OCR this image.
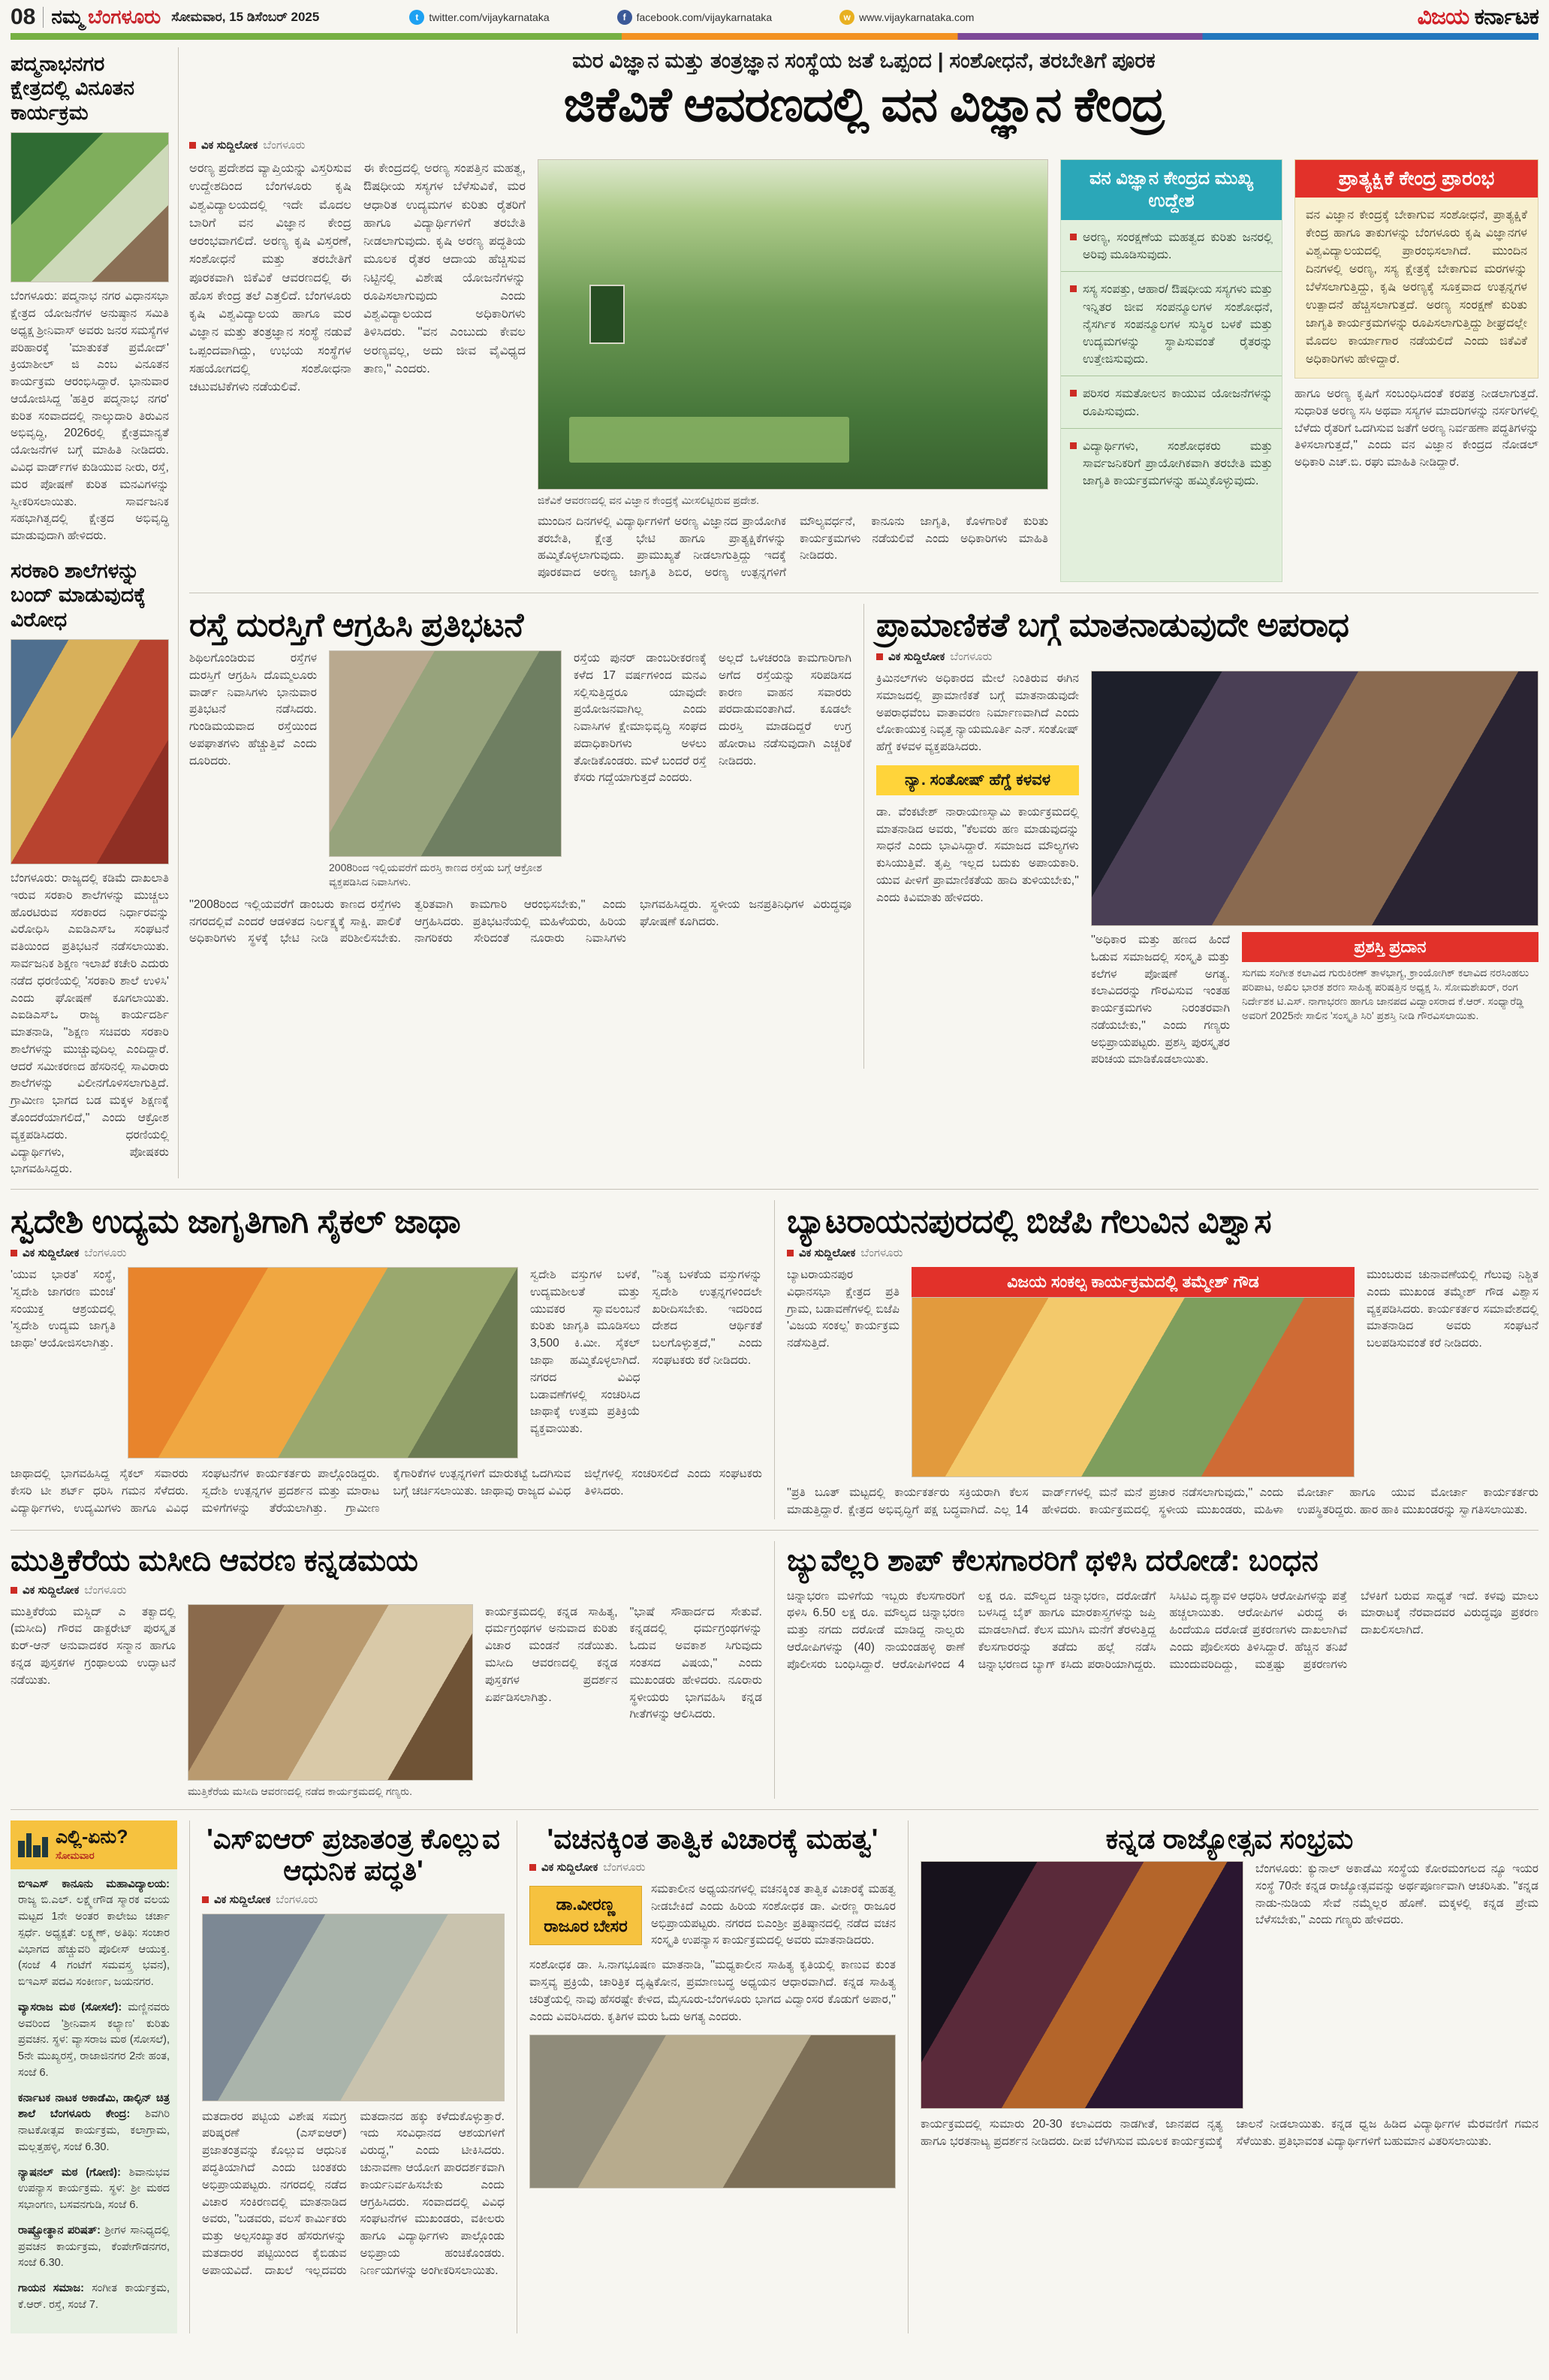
08 ನಮ್ಮ ಬೆಂಗಳೂರು ಸೋಮವಾರ, 15 ಡಿಸೆಂಬರ್ 2025	t	twitter.com/vijaykarnataka	f	facebook.com/vijaykarnataka	w www.vijaykarnataka.com	ವಿಜಯ ಕರ್ನಾಟಕ
ಪದ್ಮನಾಭನಗರ ಕ್ಷೇತ್ರದಲ್ಲಿ ವಿನೂತನ ಕಾರ್ಯಕ್ರಮ
ಬೆಂಗಳೂರು: ಪದ್ಮನಾಭ ನಗರ ವಿಧಾನಸಭಾ ಕ್ಷೇತ್ರದ ಯೋಜನೆಗಳ ಅನುಷ್ಠಾನ ಸಮಿತಿ ಅಧ್ಯಕ್ಷ ಶ್ರೀನಿವಾಸ್ ಅವರು ಜನರ ಸಮಸ್ಯೆಗಳ ಪರಿಹಾರಕ್ಕೆ 'ಮಾತುಕತೆ ಪ್ರಮೋದ್' ಕ್ರಿಯಾಶೀಲ್ ಜಿ ಎಂಬ ವಿನೂತನ ಕಾರ್ಯಕ್ರಮ ಆರಂಭಿಸಿದ್ದಾರೆ. ಭಾನುವಾರ ಆಯೋಜಿಸಿದ್ದ 'ಹತ್ತಿರ ಪದ್ಮನಾಭ ನಗರ' ಕುರಿತ ಸಂವಾದದಲ್ಲಿ ನಾಲ್ಕುದಾರಿ ತಿರುವಿನ ಅಭಿವೃದ್ಧಿ, 2026ರಲ್ಲಿ ಕ್ಷೇತ್ರಮಾನ್ಯತೆ ಯೋಜನೆಗಳ ಬಗ್ಗೆ ಮಾಹಿತಿ ನೀಡಿದರು. ವಿವಿಧ ವಾರ್ಡ್‌ಗಳ ಕುಡಿಯುವ ನೀರು, ರಸ್ತೆ, ಮರ ಪೋಷಣೆ ಕುರಿತ ಮನವಿಗಳನ್ನು ಸ್ವೀಕರಿಸಲಾಯಿತು. ಸಾರ್ವಜನಿಕ ಸಹಭಾಗಿತ್ವದಲ್ಲಿ ಕ್ಷೇತ್ರದ ಅಭಿವೃದ್ಧಿ ಮಾಡುವುದಾಗಿ ಹೇಳಿದರು.
ಸರಕಾರಿ ಶಾಲೆಗಳನ್ನು ಬಂದ್ ಮಾಡುವುದಕ್ಕೆ ವಿರೋಧ
ಬೆಂಗಳೂರು: ರಾಜ್ಯದಲ್ಲಿ ಕಡಿಮೆ ದಾಖಲಾತಿ ಇರುವ ಸರಕಾರಿ ಶಾಲೆಗಳನ್ನು ಮುಚ್ಚಲು ಹೊರಟಿರುವ ಸರಕಾರದ ನಿರ್ಧಾರವನ್ನು ವಿರೋಧಿಸಿ ಎಐಡಿಎಸ್‌ಒ ಸಂಘಟನೆ ವತಿಯಿಂದ ಪ್ರತಿಭಟನೆ ನಡೆಸಲಾಯಿತು. ಸಾರ್ವಜನಿಕ ಶಿಕ್ಷಣ ಇಲಾಖೆ ಕಚೇರಿ ಎದುರು ನಡೆದ ಧರಣಿಯಲ್ಲಿ 'ಸರಕಾರಿ ಶಾಲೆ ಉಳಿಸಿ' ಎಂದು ಘೋಷಣೆ ಕೂಗಲಾಯಿತು. ಎಐಡಿಎಸ್‌ಒ ರಾಜ್ಯ ಕಾರ್ಯದರ್ಶಿ ಮಾತನಾಡಿ, ''ಶಿಕ್ಷಣ ಸಚಿವರು ಸರಕಾರಿ ಶಾಲೆಗಳನ್ನು ಮುಚ್ಚುವುದಿಲ್ಲ ಎಂದಿದ್ದಾರೆ. ಆದರೆ ಸಮೀಕರಣದ ಹೆಸರಿನಲ್ಲಿ ಸಾವಿರಾರು ಶಾಲೆಗಳನ್ನು ವಿಲೀನಗೊಳಿಸಲಾಗುತ್ತಿದೆ. ಗ್ರಾಮೀಣ ಭಾಗದ ಬಡ ಮಕ್ಕಳ ಶಿಕ್ಷಣಕ್ಕೆ ತೊಂದರೆಯಾಗಲಿದೆ,'' ಎಂದು ಆಕ್ರೋಶ ವ್ಯಕ್ತಪಡಿಸಿದರು. ಧರಣಿಯಲ್ಲಿ ವಿದ್ಯಾರ್ಥಿಗಳು, ಪೋಷಕರು ಭಾಗವಹಿಸಿದ್ದರು.
ಮರ ವಿಜ್ಞಾನ ಮತ್ತು ತಂತ್ರಜ್ಞಾನ ಸಂಸ್ಥೆಯ ಜತೆ ಒಪ್ಪಂದ | ಸಂಶೋಧನೆ, ತರಬೇತಿಗೆ ಪೂರಕ
ಜಿಕೆವಿಕೆ ಆವರಣದಲ್ಲಿ ವನ ವಿಜ್ಞಾನ ಕೇಂದ್ರ
ವಿಕ ಸುದ್ದಿಲೋಕ ಬೆಂಗಳೂರು
ಅರಣ್ಯ ಪ್ರದೇಶದ ವ್ಯಾಪ್ತಿಯನ್ನು ವಿಸ್ತರಿಸುವ ಉದ್ದೇಶದಿಂದ ಬೆಂಗಳೂರು ಕೃಷಿ ವಿಶ್ವವಿದ್ಯಾಲಯದಲ್ಲಿ ಇದೇ ಮೊದಲ ಬಾರಿಗೆ ವನ ವಿಜ್ಞಾನ ಕೇಂದ್ರ ಆರಂಭವಾಗಲಿದೆ. ಅರಣ್ಯ ಕೃಷಿ ವಿಸ್ತರಣೆ, ಸಂಶೋಧನೆ ಮತ್ತು ತರಬೇತಿಗೆ ಪೂರಕವಾಗಿ ಜಿಕೆವಿಕೆ ಆವರಣದಲ್ಲಿ ಈ ಹೊಸ ಕೇಂದ್ರ ತಲೆ ಎತ್ತಲಿದೆ. ಬೆಂಗಳೂರು ಕೃಷಿ ವಿಶ್ವವಿದ್ಯಾಲಯ ಹಾಗೂ ಮರ ವಿಜ್ಞಾನ ಮತ್ತು ತಂತ್ರಜ್ಞಾನ ಸಂಸ್ಥೆ ನಡುವೆ ಒಪ್ಪಂದವಾಗಿದ್ದು, ಉಭಯ ಸಂಸ್ಥೆಗಳ ಸಹಯೋಗದಲ್ಲಿ ಸಂಶೋಧನಾ ಚಟುವಟಿಕೆಗಳು ನಡೆಯಲಿವೆ.
ಈ ಕೇಂದ್ರದಲ್ಲಿ ಅರಣ್ಯ ಸಂಪತ್ತಿನ ಮಹತ್ವ, ಔಷಧೀಯ ಸಸ್ಯಗಳ ಬೆಳೆಸುವಿಕೆ, ಮರ ಆಧಾರಿತ ಉದ್ಯಮಗಳ ಕುರಿತು ರೈತರಿಗೆ ಹಾಗೂ ವಿದ್ಯಾರ್ಥಿಗಳಿಗೆ ತರಬೇತಿ ನೀಡಲಾಗುವುದು. ಕೃಷಿ ಅರಣ್ಯ ಪದ್ಧತಿಯ ಮೂಲಕ ರೈತರ ಆದಾಯ ಹೆಚ್ಚಿಸುವ ನಿಟ್ಟಿನಲ್ಲಿ ವಿಶೇಷ ಯೋಜನೆಗಳನ್ನು ರೂಪಿಸಲಾಗುವುದು ಎಂದು ವಿಶ್ವವಿದ್ಯಾಲಯದ ಅಧಿಕಾರಿಗಳು ತಿಳಿಸಿದರು. ''ವನ ಎಂಬುದು ಕೇವಲ ಅರಣ್ಯವಲ್ಲ, ಅದು ಜೀವ ವೈವಿಧ್ಯದ ತಾಣ,'' ಎಂದರು.
ಜಿಕೆವಿಕೆ ಆವರಣದಲ್ಲಿ ವನ ವಿಜ್ಞಾನ ಕೇಂದ್ರಕ್ಕೆ ಮೀಸಲಿಟ್ಟಿರುವ ಪ್ರದೇಶ.
ಮುಂದಿನ ದಿನಗಳಲ್ಲಿ ವಿದ್ಯಾರ್ಥಿಗಳಿಗೆ ಅರಣ್ಯ ವಿಜ್ಞಾನದ ಪ್ರಾಯೋಗಿಕ ತರಬೇತಿ, ಕ್ಷೇತ್ರ ಭೇಟಿ ಹಾಗೂ ಪ್ರಾತ್ಯಕ್ಷಿಕೆಗಳನ್ನು ಹಮ್ಮಿಕೊಳ್ಳಲಾಗುವುದು. ಪ್ರಾಮುಖ್ಯತೆ ನೀಡಲಾಗುತ್ತಿದ್ದು ಇದಕ್ಕೆ ಪೂರಕವಾದ ಅರಣ್ಯ ಜಾಗೃತಿ ಶಿಬಿರ, ಅರಣ್ಯ ಉತ್ಪನ್ನಗಳಿಗೆ ಮೌಲ್ಯವರ್ಧನೆ, ಕಾನೂನು ಜಾಗೃತಿ, ಕೊಳಗಾರಿಕೆ ಕುರಿತು ಕಾರ್ಯಕ್ರಮಗಳು ನಡೆಯಲಿವೆ ಎಂದು ಅಧಿಕಾರಿಗಳು ಮಾಹಿತಿ ನೀಡಿದರು.
ವನ ವಿಜ್ಞಾನ ಕೇಂದ್ರದ ಮುಖ್ಯ ಉದ್ದೇಶ
ಅರಣ್ಯ, ಸಂರಕ್ಷಣೆಯ ಮಹತ್ವದ ಕುರಿತು ಜನರಲ್ಲಿ ಅರಿವು ಮೂಡಿಸುವುದು.
ಸಸ್ಯ ಸಂಪತ್ತು, ಆಹಾರ/ ಔಷಧೀಯ ಸಸ್ಯಗಳು ಮತ್ತು ಇನ್ನಿತರ ಜೀವ ಸಂಪನ್ಮೂಲಗಳ ಸಂಶೋಧನೆ, ನೈಸರ್ಗಿಕ ಸಂಪನ್ಮೂಲಗಳ ಸುಸ್ಥಿರ ಬಳಕೆ ಮತ್ತು ಉದ್ಯಮಗಳನ್ನು ಸ್ಥಾಪಿಸುವಂತೆ ರೈತರನ್ನು ಉತ್ತೇಜಿಸುವುದು.
ಪರಿಸರ ಸಮತೋಲನ ಕಾಯುವ ಯೋಜನೆಗಳನ್ನು ರೂಪಿಸುವುದು.
ವಿದ್ಯಾರ್ಥಿಗಳು, ಸಂಶೋಧಕರು ಮತ್ತು ಸಾರ್ವಜನಿಕರಿಗೆ ಪ್ರಾಯೋಗಿಕವಾಗಿ ತರಬೇತಿ ಮತ್ತು ಜಾಗೃತಿ ಕಾರ್ಯಕ್ರಮಗಳನ್ನು ಹಮ್ಮಿಕೊಳ್ಳುವುದು.
ಪ್ರಾತ್ಯಕ್ಷಿಕೆ ಕೇಂದ್ರ ಪ್ರಾರಂಭ
ವನ ವಿಜ್ಞಾನ ಕೇಂದ್ರಕ್ಕೆ ಬೇಕಾಗುವ ಸಂಶೋಧನೆ, ಪ್ರಾತ್ಯಕ್ಷಿಕೆ ಕೇಂದ್ರ ಹಾಗೂ ತಾಕುಗಳನ್ನು ಬೆಂಗಳೂರು ಕೃಷಿ ವಿಜ್ಞಾನಗಳ ವಿಶ್ವವಿದ್ಯಾಲಯದಲ್ಲಿ ಪ್ರಾರಂಭಿಸಲಾಗಿದೆ. ಮುಂದಿನ ದಿನಗಳಲ್ಲಿ ಅರಣ್ಯ, ಸಸ್ಯ ಕ್ಷೇತ್ರಕ್ಕೆ ಬೇಕಾಗುವ ಮರಗಳನ್ನು ಬೆಳೆಸಲಾಗುತ್ತಿದ್ದು, ಕೃಷಿ ಅರಣ್ಯಕ್ಕೆ ಸೂಕ್ತವಾದ ಉತ್ಪನ್ನಗಳ ಉತ್ಪಾದನೆ ಹೆಚ್ಚಿಸಲಾಗುತ್ತದೆ. ಅರಣ್ಯ ಸಂರಕ್ಷಣೆ ಕುರಿತು ಜಾಗೃತಿ ಕಾರ್ಯಕ್ರಮಗಳನ್ನು ರೂಪಿಸಲಾಗುತ್ತಿದ್ದು ಶೀಘ್ರದಲ್ಲೇ ಮೊದಲ ಕಾರ್ಯಾಗಾರ ನಡೆಯಲಿದೆ ಎಂದು ಜಿಕೆವಿಕೆ ಅಧಿಕಾರಿಗಳು ಹೇಳಿದ್ದಾರೆ.
ಹಾಗೂ ಅರಣ್ಯ ಕೃಷಿಗೆ ಸಂಬಂಧಿಸಿದಂತೆ ಕರಪತ್ರ ನೀಡಲಾಗುತ್ತದೆ. ಸುಧಾರಿತ ಅರಣ್ಯ ಸಸಿ ಅಥವಾ ಸಸ್ಯಗಳ ಮಾದರಿಗಳನ್ನು ನರ್ಸರಿಗಳಲ್ಲಿ ಬೆಳೆದು ರೈತರಿಗೆ ಒದಗಿಸುವ ಜತೆಗೆ ಅರಣ್ಯ ನಿರ್ವಹಣಾ ಪದ್ಧತಿಗಳನ್ನು ತಿಳಿಸಲಾಗುತ್ತದೆ,'' ಎಂದು ವನ ವಿಜ್ಞಾನ ಕೇಂದ್ರದ ನೋಡಲ್ ಅಧಿಕಾರಿ ಎಚ್.ಬಿ. ರಘು ಮಾಹಿತಿ ನೀಡಿದ್ದಾರೆ.
ರಸ್ತೆ ದುರಸ್ತಿಗೆ ಆಗ್ರಹಿಸಿ ಪ್ರತಿಭಟನೆ
ಶಿಥಿಲಗೊಂಡಿರುವ ರಸ್ತೆಗಳ ದುರಸ್ತಿಗೆ ಆಗ್ರಹಿಸಿ ದೊಮ್ಮಲೂರು ವಾರ್ಡ್ ನಿವಾಸಿಗಳು ಭಾನುವಾರ ಪ್ರತಿಭಟನೆ ನಡೆಸಿದರು. ಗುಂಡಿಮಯವಾದ ರಸ್ತೆಯಿಂದ ಅಪಘಾತಗಳು ಹೆಚ್ಚುತ್ತಿವೆ ಎಂದು ದೂರಿದರು.
2008ರಿಂದ ಇಲ್ಲಿಯವರೆಗೆ ದುರಸ್ತಿ ಕಾಣದ ರಸ್ತೆಯ ಬಗ್ಗೆ ಆಕ್ರೋಶ ವ್ಯಕ್ತಪಡಿಸಿದ ನಿವಾಸಿಗಳು.
ರಸ್ತೆಯ ಪುನರ್ ಡಾಂಬರೀಕರಣಕ್ಕೆ ಕಳೆದ 17 ವರ್ಷಗಳಿಂದ ಮನವಿ ಸಲ್ಲಿಸುತ್ತಿದ್ದರೂ ಯಾವುದೇ ಪ್ರಯೋಜನವಾಗಿಲ್ಲ ಎಂದು ನಿವಾಸಿಗಳ ಕ್ಷೇಮಾಭಿವೃದ್ಧಿ ಸಂಘದ ಪದಾಧಿಕಾರಿಗಳು ಅಳಲು ತೋಡಿಕೊಂಡರು. ಮಳೆ ಬಂದರೆ ರಸ್ತೆ ಕೆಸರು ಗದ್ದೆಯಾಗುತ್ತದೆ ಎಂದರು.
ಅಲ್ಲದೆ ಒಳಚರಂಡಿ ಕಾಮಗಾರಿಗಾಗಿ ಅಗೆದ ರಸ್ತೆಯನ್ನು ಸರಿಪಡಿಸದ ಕಾರಣ ವಾಹನ ಸವಾರರು ಪರದಾಡುವಂತಾಗಿದೆ. ಕೂಡಲೇ ದುರಸ್ತಿ ಮಾಡದಿದ್ದರೆ ಉಗ್ರ ಹೋರಾಟ ನಡೆಸುವುದಾಗಿ ಎಚ್ಚರಿಕೆ ನೀಡಿದರು.
''2008ರಿಂದ ಇಲ್ಲಿಯವರೆಗೆ ಡಾಂಬರು ಕಾಣದ ರಸ್ತೆಗಳು ನಗರದಲ್ಲಿವೆ ಎಂದರೆ ಆಡಳಿತದ ನಿರ್ಲಕ್ಷ್ಯಕ್ಕೆ ಸಾಕ್ಷಿ. ಪಾಲಿಕೆ ಅಧಿಕಾರಿಗಳು ಸ್ಥಳಕ್ಕೆ ಭೇಟಿ ನೀಡಿ ಪರಿಶೀಲಿಸಬೇಕು. ತ್ವರಿತವಾಗಿ ಕಾಮಗಾರಿ ಆರಂಭಿಸಬೇಕು,'' ಎಂದು ಆಗ್ರಹಿಸಿದರು. ಪ್ರತಿಭಟನೆಯಲ್ಲಿ ಮಹಿಳೆಯರು, ಹಿರಿಯ ನಾಗರಿಕರು ಸೇರಿದಂತೆ ನೂರಾರು ನಿವಾಸಿಗಳು ಭಾಗವಹಿಸಿದ್ದರು. ಸ್ಥಳೀಯ ಜನಪ್ರತಿನಿಧಿಗಳ ವಿರುದ್ಧವೂ ಘೋಷಣೆ ಕೂಗಿದರು.
ಪ್ರಾಮಾಣಿಕತೆ ಬಗ್ಗೆ ಮಾತನಾಡುವುದೇ ಅಪರಾಧ
ವಿಕ ಸುದ್ದಿಲೋಕ ಬೆಂಗಳೂರು
ಕ್ರಿಮಿನಲ್‌ಗಳು ಅಧಿಕಾರದ ಮೇಲೆ ನಿಂತಿರುವ ಈಗಿನ ಸಮಾಜದಲ್ಲಿ ಪ್ರಾಮಾಣಿಕತೆ ಬಗ್ಗೆ ಮಾತನಾಡುವುದೇ ಅಪರಾಧವೆಂಬ ವಾತಾವರಣ ನಿರ್ಮಾಣವಾಗಿದೆ ಎಂದು ಲೋಕಾಯುಕ್ತ ನಿವೃತ್ತ ನ್ಯಾಯಮೂರ್ತಿ ಎನ್. ಸಂತೋಷ್ ಹೆಗ್ಡೆ ಕಳವಳ ವ್ಯಕ್ತಪಡಿಸಿದರು.
ನ್ಯಾ. ಸಂತೋಷ್ ಹೆಗ್ಡೆ ಕಳವಳ
ಡಾ. ವೆಂಕಟೇಶ್ ನಾರಾಯಣಸ್ವಾಮಿ ಕಾರ್ಯಕ್ರಮದಲ್ಲಿ ಮಾತನಾಡಿದ ಅವರು, ''ಕೆಲವರು ಹಣ ಮಾಡುವುದನ್ನು ಸಾಧನೆ ಎಂದು ಭಾವಿಸಿದ್ದಾರೆ. ಸಮಾಜದ ಮೌಲ್ಯಗಳು ಕುಸಿಯುತ್ತಿವೆ. ತೃಪ್ತಿ ಇಲ್ಲದ ಬದುಕು ಅಪಾಯಕಾರಿ. ಯುವ ಪೀಳಿಗೆ ಪ್ರಾಮಾಣಿಕತೆಯ ಹಾದಿ ತುಳಿಯಬೇಕು,'' ಎಂದು ಕಿವಿಮಾತು ಹೇಳಿದರು.
''ಅಧಿಕಾರ ಮತ್ತು ಹಣದ ಹಿಂದೆ ಓಡುವ ಸಮಾಜದಲ್ಲಿ ಸಂಸ್ಕೃತಿ ಮತ್ತು ಕಲೆಗಳ ಪೋಷಣೆ ಅಗತ್ಯ. ಕಲಾವಿದರನ್ನು ಗೌರವಿಸುವ ಇಂತಹ ಕಾರ್ಯಕ್ರಮಗಳು ನಿರಂತರವಾಗಿ ನಡೆಯಬೇಕು,'' ಎಂದು ಗಣ್ಯರು ಅಭಿಪ್ರಾಯಪಟ್ಟರು. ಪ್ರಶಸ್ತಿ ಪುರಸ್ಕೃತರ ಪರಿಚಯ ಮಾಡಿಕೊಡಲಾಯಿತು.
ಪ್ರಶಸ್ತಿ ಪ್ರದಾನ
ಸುಗಮ ಸಂಗೀತ ಕಲಾವಿದ ಗುರುಕಿರಣ್ ತಾಳಭಾಗ್ಯ, ಕ್ರಾಂಯೋಗಿಕ್ ಕಲಾವಿದ ನರಸಿಂಹಲು ಪರಿಪಾಟ, ಅಖಿಲ ಭಾರತ ಶರಣ ಸಾಹಿತ್ಯ ಪರಿಷತ್ತಿನ ಅಧ್ಯಕ್ಷ ಸಿ. ಸೋಮಶೇಖರ್, ರಂಗ ನಿರ್ದೇಶಕ ಟಿ.ಎಸ್. ನಾಗಾಭರಣ ಹಾಗೂ ಜಾನಪದ ವಿದ್ವಾಂಸರಾದ ಕೆ.ಆರ್. ಸಂಧ್ಯಾರೆಡ್ಡಿ ಅವರಿಗೆ 2025ನೇ ಸಾಲಿನ 'ಸಂಸ್ಕೃತಿ ಸಿರಿ' ಪ್ರಶಸ್ತಿ ನೀಡಿ ಗೌರವಿಸಲಾಯಿತು.
ಸ್ವದೇಶಿ ಉದ್ಯಮ ಜಾಗೃತಿಗಾಗಿ ಸೈಕಲ್ ಜಾಥಾ
ವಿಕ ಸುದ್ದಿಲೋಕ ಬೆಂಗಳೂರು
'ಯುವ ಭಾರತ' ಸಂಸ್ಥೆ, 'ಸ್ವದೇಶಿ ಜಾಗರಣ ಮಂಚ' ಸಂಯುಕ್ತ ಆಶ್ರಯದಲ್ಲಿ 'ಸ್ವದೇಶಿ ಉದ್ಯಮ ಜಾಗೃತಿ ಜಾಥಾ' ಆಯೋಜಿಸಲಾಗಿತ್ತು.
ಸ್ವದೇಶಿ ವಸ್ತುಗಳ ಬಳಕೆ, ಉದ್ಯಮಶೀಲತೆ ಮತ್ತು ಯುವಕರ ಸ್ವಾವಲಂಬನೆ ಕುರಿತು ಜಾಗೃತಿ ಮೂಡಿಸಲು 3,500 ಕಿ.ಮೀ. ಸೈಕಲ್ ಜಾಥಾ ಹಮ್ಮಿಕೊಳ್ಳಲಾಗಿದೆ. ನಗರದ ವಿವಿಧ ಬಡಾವಣೆಗಳಲ್ಲಿ ಸಂಚರಿಸಿದ ಜಾಥಾಕ್ಕೆ ಉತ್ತಮ ಪ್ರತಿಕ್ರಿಯೆ ವ್ಯಕ್ತವಾಯಿತು.
''ನಿತ್ಯ ಬಳಕೆಯ ವಸ್ತುಗಳನ್ನು ಸ್ವದೇಶಿ ಉತ್ಪನ್ನಗಳಿಂದಲೇ ಖರೀದಿಸಬೇಕು. ಇದರಿಂದ ದೇಶದ ಆರ್ಥಿಕತೆ ಬಲಗೊಳ್ಳುತ್ತದೆ,'' ಎಂದು ಸಂಘಟಕರು ಕರೆ ನೀಡಿದರು.
ಜಾಥಾದಲ್ಲಿ ಭಾಗವಹಿಸಿದ್ದ ಸೈಕಲ್ ಸವಾರರು ಕೇಸರಿ ಟೀ ಶರ್ಟ್ ಧರಿಸಿ ಗಮನ ಸೆಳೆದರು. ವಿದ್ಯಾರ್ಥಿಗಳು, ಉದ್ಯಮಿಗಳು ಹಾಗೂ ವಿವಿಧ ಸಂಘಟನೆಗಳ ಕಾರ್ಯಕರ್ತರು ಪಾಲ್ಗೊಂಡಿದ್ದರು. ಸ್ವದೇಶಿ ಉತ್ಪನ್ನಗಳ ಪ್ರದರ್ಶನ ಮತ್ತು ಮಾರಾಟ ಮಳಿಗೆಗಳನ್ನು ತೆರೆಯಲಾಗಿತ್ತು. ಗ್ರಾಮೀಣ ಕೈಗಾರಿಕೆಗಳ ಉತ್ಪನ್ನಗಳಿಗೆ ಮಾರುಕಟ್ಟೆ ಒದಗಿಸುವ ಬಗ್ಗೆ ಚರ್ಚಿಸಲಾಯಿತು. ಜಾಥಾವು ರಾಜ್ಯದ ವಿವಿಧ ಜಿಲ್ಲೆಗಳಲ್ಲಿ ಸಂಚರಿಸಲಿದೆ ಎಂದು ಸಂಘಟಕರು ತಿಳಿಸಿದರು.
ಬ್ಯಾಟರಾಯನಪುರದಲ್ಲಿ ಬಿಜೆಪಿ ಗೆಲುವಿನ ವಿಶ್ವಾಸ
ವಿಕ ಸುದ್ದಿಲೋಕ ಬೆಂಗಳೂರು
ಬ್ಯಾಟರಾಯನಪುರ ವಿಧಾನಸಭಾ ಕ್ಷೇತ್ರದ ಪ್ರತಿ ಗ್ರಾಮ, ಬಡಾವಣೆಗಳಲ್ಲಿ ಬಿಜೆಪಿ 'ವಿಜಯ ಸಂಕಲ್ಪ' ಕಾರ್ಯಕ್ರಮ ನಡೆಸುತ್ತಿದೆ.
ವಿಜಯ ಸಂಕಲ್ಪ ಕಾರ್ಯಕ್ರಮದಲ್ಲಿ ತಮ್ಮೇಶ್ ಗೌಡ	ಮುಂಬರುವ ಚುನಾವಣೆಯಲ್ಲಿ ಗೆಲುವು ನಿಶ್ಚಿತ ಎಂದು ಮುಖಂಡ ತಮ್ಮೇಶ್ ಗೌಡ ವಿಶ್ವಾಸ ವ್ಯಕ್ತಪಡಿಸಿದರು. ಕಾರ್ಯಕರ್ತರ ಸಮಾವೇಶದಲ್ಲಿ ಮಾತನಾಡಿದ ಅವರು ಸಂಘಟನೆ ಬಲಪಡಿಸುವಂತೆ ಕರೆ ನೀಡಿದರು.
''ಪ್ರತಿ ಬೂತ್ ಮಟ್ಟದಲ್ಲಿ ಕಾರ್ಯಕರ್ತರು ಸಕ್ರಿಯರಾಗಿ ಕೆಲಸ ಮಾಡುತ್ತಿದ್ದಾರೆ. ಕ್ಷೇತ್ರದ ಅಭಿವೃದ್ಧಿಗೆ ಪಕ್ಷ ಬದ್ಧವಾಗಿದೆ. ಎಲ್ಲ 14 ವಾರ್ಡ್‌ಗಳಲ್ಲಿ ಮನೆ ಮನೆ ಪ್ರಚಾರ ನಡೆಸಲಾಗುವುದು,'' ಎಂದು ಹೇಳಿದರು. ಕಾರ್ಯಕ್ರಮದಲ್ಲಿ ಸ್ಥಳೀಯ ಮುಖಂಡರು, ಮಹಿಳಾ ಮೋರ್ಚಾ ಹಾಗೂ ಯುವ ಮೋರ್ಚಾ ಕಾರ್ಯಕರ್ತರು ಉಪಸ್ಥಿತರಿದ್ದರು. ಹಾರ ಹಾಕಿ ಮುಖಂಡರನ್ನು ಸ್ವಾಗತಿಸಲಾಯಿತು.
ಮುತ್ತಿಕೆರೆಯ ಮಸೀದಿ ಆವರಣ ಕನ್ನಡಮಯ
ವಿಕ ಸುದ್ದಿಲೋಕ ಬೆಂಗಳೂರು
ಮುತ್ತಿಕೆರೆಯ ಮಸ್ಜಿದ್ ಎ ತಕ್ವಾದಲ್ಲಿ (ಮಸೀದಿ) ಗೌರವ ಡಾಕ್ಟರೇಟ್ ಪುರಸ್ಕೃತ ಕುರ್-ಆನ್ ಅನುವಾದಕರ ಸನ್ಮಾನ ಹಾಗೂ ಕನ್ನಡ ಪುಸ್ತಕಗಳ ಗ್ರಂಥಾಲಯ ಉದ್ಘಾಟನೆ ನಡೆಯಿತು.
ಮುತ್ತಿಕೆರೆಯ ಮಸೀದಿ ಆವರಣದಲ್ಲಿ ನಡೆದ ಕಾರ್ಯಕ್ರಮದಲ್ಲಿ ಗಣ್ಯರು.
ಕಾರ್ಯಕ್ರಮದಲ್ಲಿ ಕನ್ನಡ ಸಾಹಿತ್ಯ, ಧರ್ಮಗ್ರಂಥಗಳ ಅನುವಾದ ಕುರಿತು ವಿಚಾರ ಮಂಡನೆ ನಡೆಯಿತು. ಮಸೀದಿ ಆವರಣದಲ್ಲಿ ಕನ್ನಡ ಪುಸ್ತಕಗಳ ಪ್ರದರ್ಶನ ಏರ್ಪಡಿಸಲಾಗಿತ್ತು.
''ಭಾಷೆ ಸೌಹಾರ್ದದ ಸೇತುವೆ. ಕನ್ನಡದಲ್ಲಿ ಧರ್ಮಗ್ರಂಥಗಳನ್ನು ಓದುವ ಅವಕಾಶ ಸಿಗುವುದು ಸಂತಸದ ವಿಷಯ,'' ಎಂದು ಮುಖಂಡರು ಹೇಳಿದರು. ನೂರಾರು ಸ್ಥಳೀಯರು ಭಾಗವಹಿಸಿ ಕನ್ನಡ ಗೀತೆಗಳನ್ನು ಆಲಿಸಿದರು.
ಜ್ಯುವೆಲ್ಲರಿ ಶಾಪ್ ಕೆಲಸಗಾರರಿಗೆ ಥಳಿಸಿ ದರೋಡೆ: ಬಂಧನ
ಚಿನ್ನಾಭರಣ ಮಳಿಗೆಯ ಇಬ್ಬರು ಕೆಲಸಗಾರರಿಗೆ ಥಳಿಸಿ 6.50 ಲಕ್ಷ ರೂ. ಮೌಲ್ಯದ ಚಿನ್ನಾಭರಣ ಮತ್ತು ನಗದು ದರೋಡೆ ಮಾಡಿದ್ದ ನಾಲ್ವರು ಆರೋಪಿಗಳನ್ನು (40) ನಾಯಂಡಹಳ್ಳಿ ಠಾಣೆ ಪೊಲೀಸರು ಬಂಧಿಸಿದ್ದಾರೆ. ಆರೋಪಿಗಳಿಂದ 4 ಲಕ್ಷ ರೂ. ಮೌಲ್ಯದ ಚಿನ್ನಾಭರಣ, ದರೋಡೆಗೆ ಬಳಸಿದ್ದ ಬೈಕ್ ಹಾಗೂ ಮಾರಕಾಸ್ತ್ರಗಳನ್ನು ಜಪ್ತಿ ಮಾಡಲಾಗಿದೆ. ಕೆಲಸ ಮುಗಿಸಿ ಮನೆಗೆ ತೆರಳುತ್ತಿದ್ದ ಕೆಲಸಗಾರರನ್ನು ತಡೆದು ಹಲ್ಲೆ ನಡೆಸಿ ಚಿನ್ನಾಭರಣದ ಬ್ಯಾಗ್ ಕಸಿದು ಪರಾರಿಯಾಗಿದ್ದರು. ಸಿಸಿಟಿವಿ ದೃಶ್ಯಾವಳಿ ಆಧರಿಸಿ ಆರೋಪಿಗಳನ್ನು ಪತ್ತೆ ಹಚ್ಚಲಾಯಿತು. ಆರೋಪಿಗಳ ವಿರುದ್ಧ ಈ ಹಿಂದೆಯೂ ದರೋಡೆ ಪ್ರಕರಣಗಳು ದಾಖಲಾಗಿವೆ ಎಂದು ಪೊಲೀಸರು ತಿಳಿಸಿದ್ದಾರೆ. ಹೆಚ್ಚಿನ ತನಿಖೆ ಮುಂದುವರಿದಿದ್ದು, ಮತ್ತಷ್ಟು ಪ್ರಕರಣಗಳು ಬೆಳಕಿಗೆ ಬರುವ ಸಾಧ್ಯತೆ ಇದೆ. ಕಳವು ಮಾಲು ಮಾರಾಟಕ್ಕೆ ನೆರವಾದವರ ವಿರುದ್ಧವೂ ಪ್ರಕರಣ ದಾಖಲಿಸಲಾಗಿದೆ.
ಎಲ್ಲಿ-ಏನು?
ಸೋಮವಾರ
ಬಿಇಎಸ್ ಕಾನೂನು ಮಹಾವಿದ್ಯಾಲಯ: ರಾಜ್ಯ ಬಿ.ಎಲ್. ಲಕ್ಷ್ಮೇಗೌಡ ಸ್ಮಾರಕ ವಲಯ ಮಟ್ಟದ 1ನೇ ಅಂತರ ಕಾಲೇಜು ಚರ್ಚಾ ಸ್ಪರ್ಧೆ. ಅಧ್ಯಕ್ಷತೆ: ಲಕ್ಷ್ಮಣ್, ಅತಿಥಿ: ಸಂಚಾರ ವಿಭಾಗದ ಹೆಚ್ಚುವರಿ ಪೊಲೀಸ್ ಆಯುಕ್ತ. (ಸಂಜೆ 4 ಗಂಟೆಗೆ ಸಮವಸ್ತ್ರ ಭವನ), ಬಿಇಎಸ್ ಪದವಿ ಸಂಕೀರ್ಣ, ಜಯನಗರ.
ವ್ಯಾಸರಾಜ ಮಠ (ಸೋಸಲೆ): ಮಣ್ಣಿನವರು ಅವರಿಂದ 'ಶ್ರೀನಿವಾಸ ಕಲ್ಯಾಣ' ಕುರಿತು ಪ್ರವಚನ. ಸ್ಥಳ: ವ್ಯಾಸರಾಜ ಮಠ (ಸೋಸಲೆ), 5ನೇ ಮುಖ್ಯರಸ್ತೆ, ರಾಜಾಜಿನಗರ 2ನೇ ಹಂತ, ಸಂಜೆ 6.
ಕರ್ನಾಟಕ ನಾಟಕ ಅಕಾಡೆಮಿ, ಡಾಲ್ಫಿನ್ ಚಿತ್ರ ಶಾಲೆ ಬೆಂಗಳೂರು ಕೇಂದ್ರ: ಶಿವಗಿರಿ ನಾಟಕೋತ್ಸವ ಕಾರ್ಯಕ್ರಮ, ಕಲಾಗ್ರಾಮ, ಮಲ್ಲತ್ತಹಳ್ಳಿ, ಸಂಜೆ 6.30.
ನ್ಯಾಷನಲ್ ಮಠ (ಗೋಣಿ): ಶಿವಾನುಭವ ಉಪನ್ಯಾಸ ಕಾರ್ಯಕ್ರಮ. ಸ್ಥಳ: ಶ್ರೀ ಮಠದ ಸಭಾಂಗಣ, ಬಸವನಗುಡಿ, ಸಂಜೆ 6.
ರಾಷ್ಟ್ರೋತ್ಥಾನ ಪರಿಷತ್: ಶ್ರೀಗಳ ಸಾನಿಧ್ಯದಲ್ಲಿ ಪ್ರವಚನ ಕಾರ್ಯಕ್ರಮ, ಕೆಂಪೇಗೌಡನಗರ, ಸಂಜೆ 6.30.
ಗಾಯನ ಸಮಾಜ: ಸಂಗೀತ ಕಾರ್ಯಕ್ರಮ, ಕೆ.ಆರ್. ರಸ್ತೆ, ಸಂಜೆ 7.
'ಎಸ್‌ಐಆರ್ ಪ್ರಜಾತಂತ್ರ ಕೊಲ್ಲುವ ಆಧುನಿಕ ಪದ್ಧತಿ'
ವಿಕ ಸುದ್ದಿಲೋಕ ಬೆಂಗಳೂರು
ಮತದಾರರ ಪಟ್ಟಿಯ ವಿಶೇಷ ಸಮಗ್ರ ಪರಿಷ್ಕರಣೆ (ಎಸ್‌ಐಆರ್) ಪ್ರಜಾತಂತ್ರವನ್ನು ಕೊಲ್ಲುವ ಆಧುನಿಕ ಪದ್ಧತಿಯಾಗಿದೆ ಎಂದು ಚಿಂತಕರು ಅಭಿಪ್ರಾಯಪಟ್ಟರು. ನಗರದಲ್ಲಿ ನಡೆದ ವಿಚಾರ ಸಂಕಿರಣದಲ್ಲಿ ಮಾತನಾಡಿದ ಅವರು, ''ಬಡವರು, ವಲಸೆ ಕಾರ್ಮಿಕರು ಮತ್ತು ಅಲ್ಪಸಂಖ್ಯಾತರ ಹೆಸರುಗಳನ್ನು ಮತದಾರರ ಪಟ್ಟಿಯಿಂದ ಕೈಬಿಡುವ ಅಪಾಯವಿದೆ. ದಾಖಲೆ ಇಲ್ಲದವರು ಮತದಾನದ ಹಕ್ಕು ಕಳೆದುಕೊಳ್ಳುತ್ತಾರೆ. ಇದು ಸಂವಿಧಾನದ ಆಶಯಗಳಿಗೆ ವಿರುದ್ಧ,'' ಎಂದು ಟೀಕಿಸಿದರು. ಚುನಾವಣಾ ಆಯೋಗ ಪಾರದರ್ಶಕವಾಗಿ ಕಾರ್ಯನಿರ್ವಹಿಸಬೇಕು ಎಂದು ಆಗ್ರಹಿಸಿದರು. ಸಂವಾದದಲ್ಲಿ ವಿವಿಧ ಸಂಘಟನೆಗಳ ಮುಖಂಡರು, ವಕೀಲರು ಹಾಗೂ ವಿದ್ಯಾರ್ಥಿಗಳು ಪಾಲ್ಗೊಂಡು ಅಭಿಪ್ರಾಯ ಹಂಚಿಕೊಂಡರು. ನಿರ್ಣಯಗಳನ್ನು ಅಂಗೀಕರಿಸಲಾಯಿತು.
'ವಚನಕ್ಕಿಂತ ತಾತ್ವಿಕ ವಿಚಾರಕ್ಕೆ ಮಹತ್ವ'
ವಿಕ ಸುದ್ದಿಲೋಕ ಬೆಂಗಳೂರು
ಡಾ.ವೀರಣ್ಣ ರಾಜೂರ ಬೇಸರ
ಸಮಕಾಲೀನ ಅಧ್ಯಯನಗಳಲ್ಲಿ ವಚನಕ್ಕಿಂತ ತಾತ್ವಿಕ ವಿಚಾರಕ್ಕೆ ಮಹತ್ವ ನೀಡಬೇಕಿದೆ ಎಂದು ಹಿರಿಯ ಸಂಶೋಧಕ ಡಾ. ವೀರಣ್ಣ ರಾಜೂರ ಅಭಿಪ್ರಾಯಪಟ್ಟರು. ನಗರದ ಬಿಎಂಶ್ರೀ ಪ್ರತಿಷ್ಠಾನದಲ್ಲಿ ನಡೆದ ವಚನ ಸಂಸ್ಕೃತಿ ಉಪನ್ಯಾಸ ಕಾರ್ಯಕ್ರಮದಲ್ಲಿ ಅವರು ಮಾತನಾಡಿದರು.
ಸಂಶೋಧಕ ಡಾ. ಸಿ.ನಾಗಭೂಷಣ ಮಾತನಾಡಿ, ''ಮಧ್ಯಕಾಲೀನ ಸಾಹಿತ್ಯ ಕೃತಿಯಲ್ಲಿ ಕಾಣುವ ಕುಂತ ವಾಸ್ತವ್ಯ ಪ್ರಕ್ರಿಯೆ, ಚಾರಿತ್ರಿಕ ದೃಷ್ಟಿಕೋನ, ಪ್ರಮಾಣಬದ್ಧ ಅಧ್ಯಯನ ಆಧಾರವಾಗಿದೆ. ಕನ್ನಡ ಸಾಹಿತ್ಯ ಚರಿತ್ರೆಯಲ್ಲಿ ನಾವು ಹೆಸರಷ್ಟೇ ಕೇಳಿದ, ಮೈಸೂರು-ಬೆಂಗಳೂರು ಭಾಗದ ವಿದ್ವಾಂಸರ ಕೊಡುಗೆ ಅಪಾರ,'' ಎಂದು ವಿವರಿಸಿದರು. ಕೃತಿಗಳ ಮರು ಓದು ಅಗತ್ಯ ಎಂದರು.
ಕನ್ನಡ ರಾಜ್ಯೋತ್ಸವ ಸಂಭ್ರಮ
ಬೆಂಗಳೂರು: ಕ್ಯುನಾಲ್ ಅಕಾಡೆಮಿ ಸಂಸ್ಥೆಯ ಕೋರಮಂಗಲದ ನ್ಯೂ ಇಯರ ಸಂಸ್ಥೆ 70ನೇ ಕನ್ನಡ ರಾಜ್ಯೋತ್ಸವವನ್ನು ಅರ್ಥಪೂರ್ಣವಾಗಿ ಆಚರಿಸಿತು. ''ಕನ್ನಡ ನಾಡು-ನುಡಿಯ ಸೇವೆ ನಮ್ಮೆಲ್ಲರ ಹೊಣೆ. ಮಕ್ಕಳಲ್ಲಿ ಕನ್ನಡ ಪ್ರೇಮ ಬೆಳೆಸಬೇಕು,'' ಎಂದು ಗಣ್ಯರು ಹೇಳಿದರು.
ಕಾರ್ಯಕ್ರಮದಲ್ಲಿ ಸುಮಾರು 20-30 ಕಲಾವಿದರು ನಾಡಗೀತೆ, ಜಾನಪದ ನೃತ್ಯ ಹಾಗೂ ಭರತನಾಟ್ಯ ಪ್ರದರ್ಶನ ನೀಡಿದರು. ದೀಪ ಬೆಳಗಿಸುವ ಮೂಲಕ ಕಾರ್ಯಕ್ರಮಕ್ಕೆ ಚಾಲನೆ ನೀಡಲಾಯಿತು. ಕನ್ನಡ ಧ್ವಜ ಹಿಡಿದ ವಿದ್ಯಾರ್ಥಿಗಳ ಮೆರವಣಿಗೆ ಗಮನ ಸೆಳೆಯಿತು. ಪ್ರತಿಭಾವಂತ ವಿದ್ಯಾರ್ಥಿಗಳಿಗೆ ಬಹುಮಾನ ವಿತರಿಸಲಾಯಿತು.
